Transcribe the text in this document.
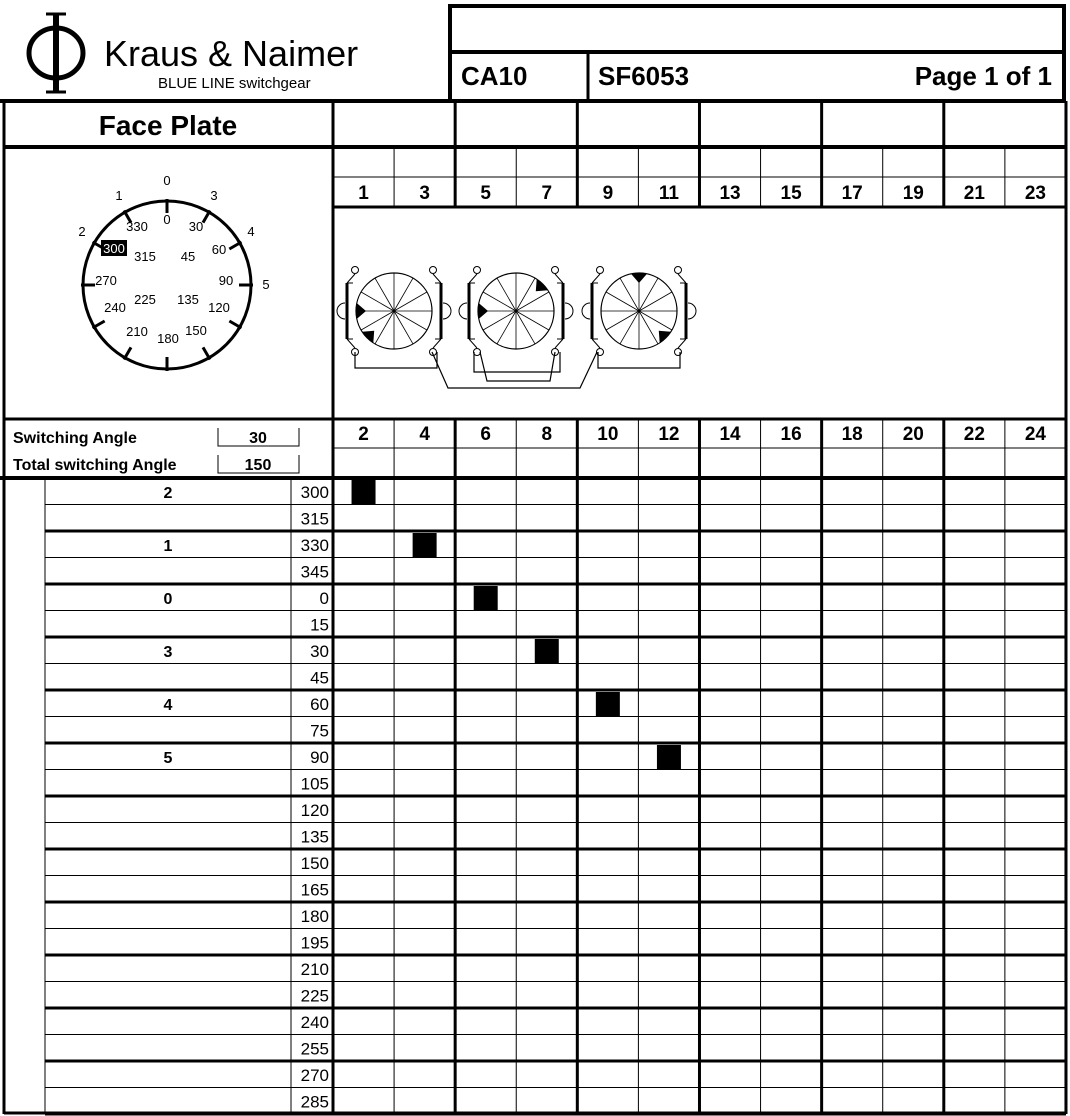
Kraus & Naimer
BLUE LINE switchgear	CA10	SF6053	Page 1 of 1
Face Plate
0
1
2
3
4
5
0 30
60
90
120
150
180
210
240
270
300
315
330
45
135
225
Switching Angle	30
Total switching Angle	150
1	3	5	7	9 11 13 15 17 19 21 23
2	4	6	8 10 12 14 16 18 20 22 24
2	300
315
1	330
345
0	0
15
3	30
45
4	60
75
5	90
105
120
135
150
165
180
195
210
225
240
255
270
285
